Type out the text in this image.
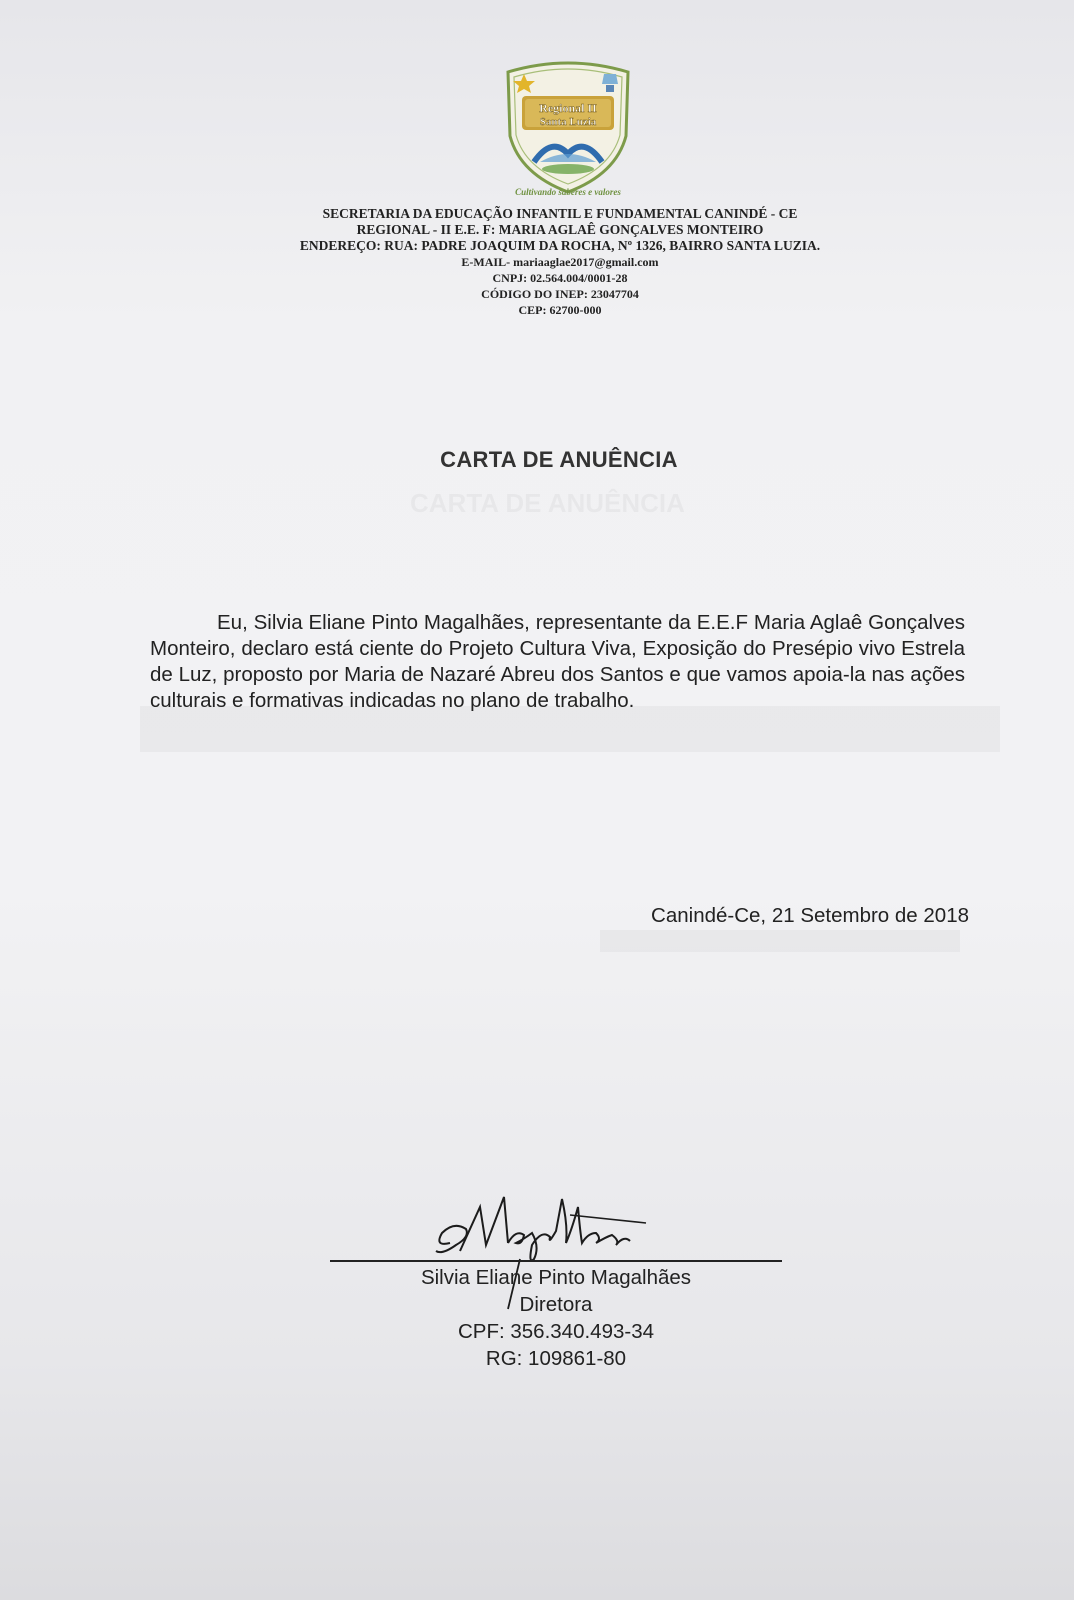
Regional II
Santa Luzia
Cultivando saberes e valores
SECRETARIA DA EDUCAÇÃO INFANTIL E FUNDAMENTAL CANINDÉ - CE
REGIONAL - II E.E. F: MARIA AGLAÊ GONÇALVES MONTEIRO
ENDEREÇO: RUA: PADRE JOAQUIM DA ROCHA, Nº 1326, BAIRRO SANTA LUZIA.
E-MAIL- mariaaglae2017@gmail.com
CNPJ: 02.564.004/0001-28
CÓDIGO DO INEP: 23047704
CEP: 62700-000
CARTA DE ANUÊNCIA
Eu, Silvia Eliane Pinto Magalhães, representante da E.E.F Maria Aglaê Gonçalves Monteiro, declaro está ciente do Projeto Cultura Viva, Exposição do Presépio vivo Estrela de Luz, proposto por Maria de Nazaré Abreu dos Santos e que vamos apoia-la nas ações culturais e formativas indicadas no plano de trabalho.
Canindé-Ce, 21 Setembro de 2018
Silvia Eliane Pinto Magalhães
Diretora
CPF: 356.340.493-34
RG: 109861-80
